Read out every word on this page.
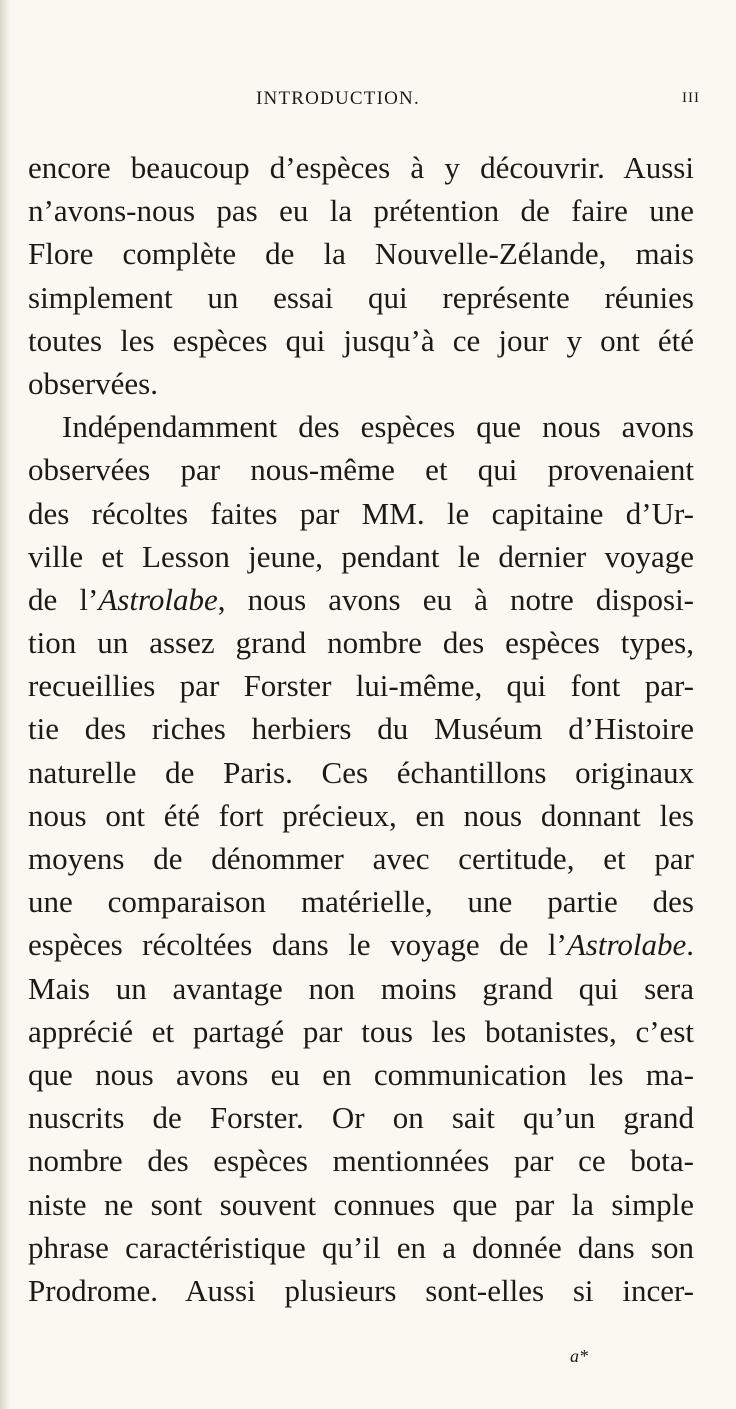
INTRODUCTION.	III
encore beaucoup d’espèces à y découvrir. Aussi
n’avons-nous pas eu la prétention de faire une
Flore complète de la Nouvelle-Zélande, mais
simplement un essai qui représente réunies
toutes les espèces qui jusqu’à ce jour y ont été
observées.
Indépendamment des espèces que nous avons
observées par nous-même et qui provenaient
des récoltes faites par MM. le capitaine d’Ur-
ville et Lesson jeune, pendant le dernier voyage
de l’Astrolabe, nous avons eu à notre disposi-
tion un assez grand nombre des espèces types,
recueillies par Forster lui-même, qui font par-
tie des riches herbiers du Muséum d’Histoire
naturelle de Paris. Ces échantillons originaux
nous ont été fort précieux, en nous donnant les
moyens de dénommer avec certitude, et par
une comparaison matérielle, une partie des
espèces récoltées dans le voyage de l’Astrolabe.
Mais un avantage non moins grand qui sera
apprécié et partagé par tous les botanistes, c’est
que nous avons eu en communication les ma-
nuscrits de Forster. Or on sait qu’un grand
nombre des espèces mentionnées par ce bota-
niste ne sont souvent connues que par la simple
phrase caractéristique qu’il en a donnée dans son
Prodrome. Aussi plusieurs sont-elles si incer-
a*
